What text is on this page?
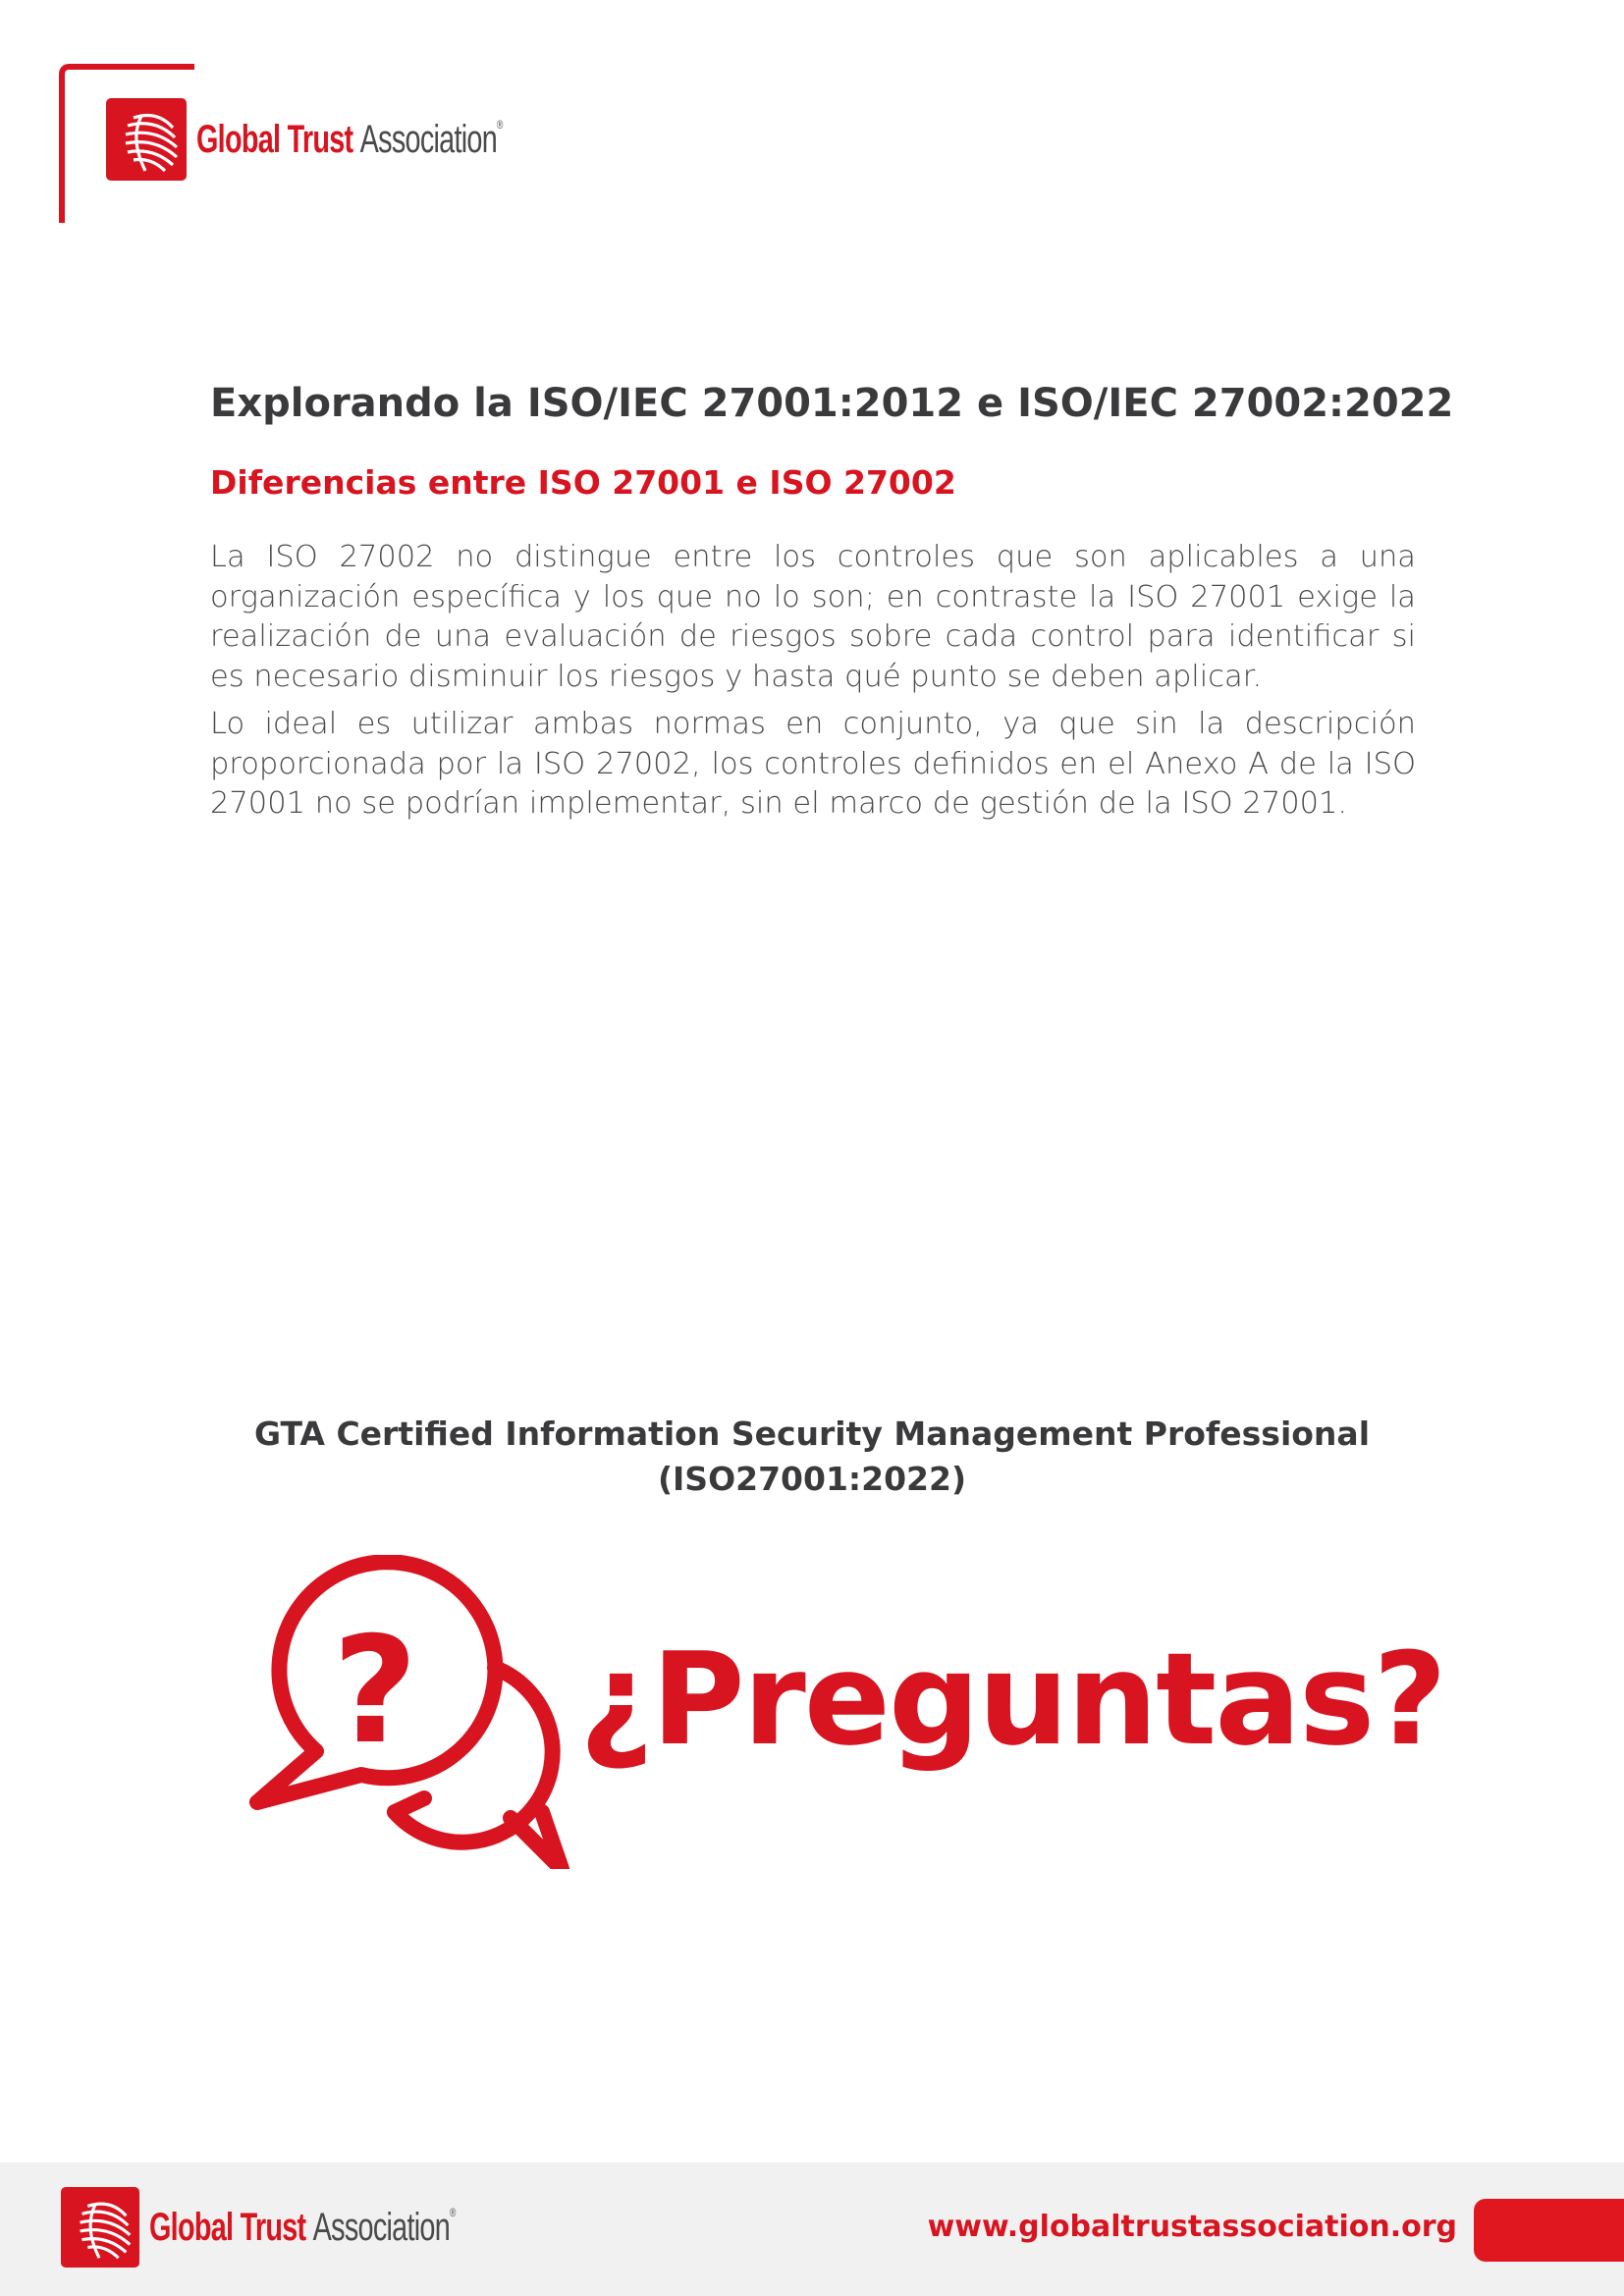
Global Trust Association®
Explorando la ISO/IEC 27001:2012 e ISO/IEC 27002:2022
Diferencias entre ISO 27001 e ISO 27002

La ISO 27002 no distingue entre los controles que son aplicables a una organización específica y los que no lo son; en contraste la ISO 27001 exige la realización de una evaluación de riesgos sobre cada control para identificar si es necesario disminuir los riesgos y hasta qué punto se deben aplicar.

Lo ideal es utilizar ambas normas en conjunto, ya que sin la descripción proporcionada por la ISO 27002, los controles definidos en el Anexo A de la ISO 27001 no se podrían implementar, sin el marco de gestión de la ISO 27001.

GTA Certified Information Security Management Professional
(ISO27001:2022)
? ¿Preguntas?

Global Trust Association®	www.globaltrustassociation.org
